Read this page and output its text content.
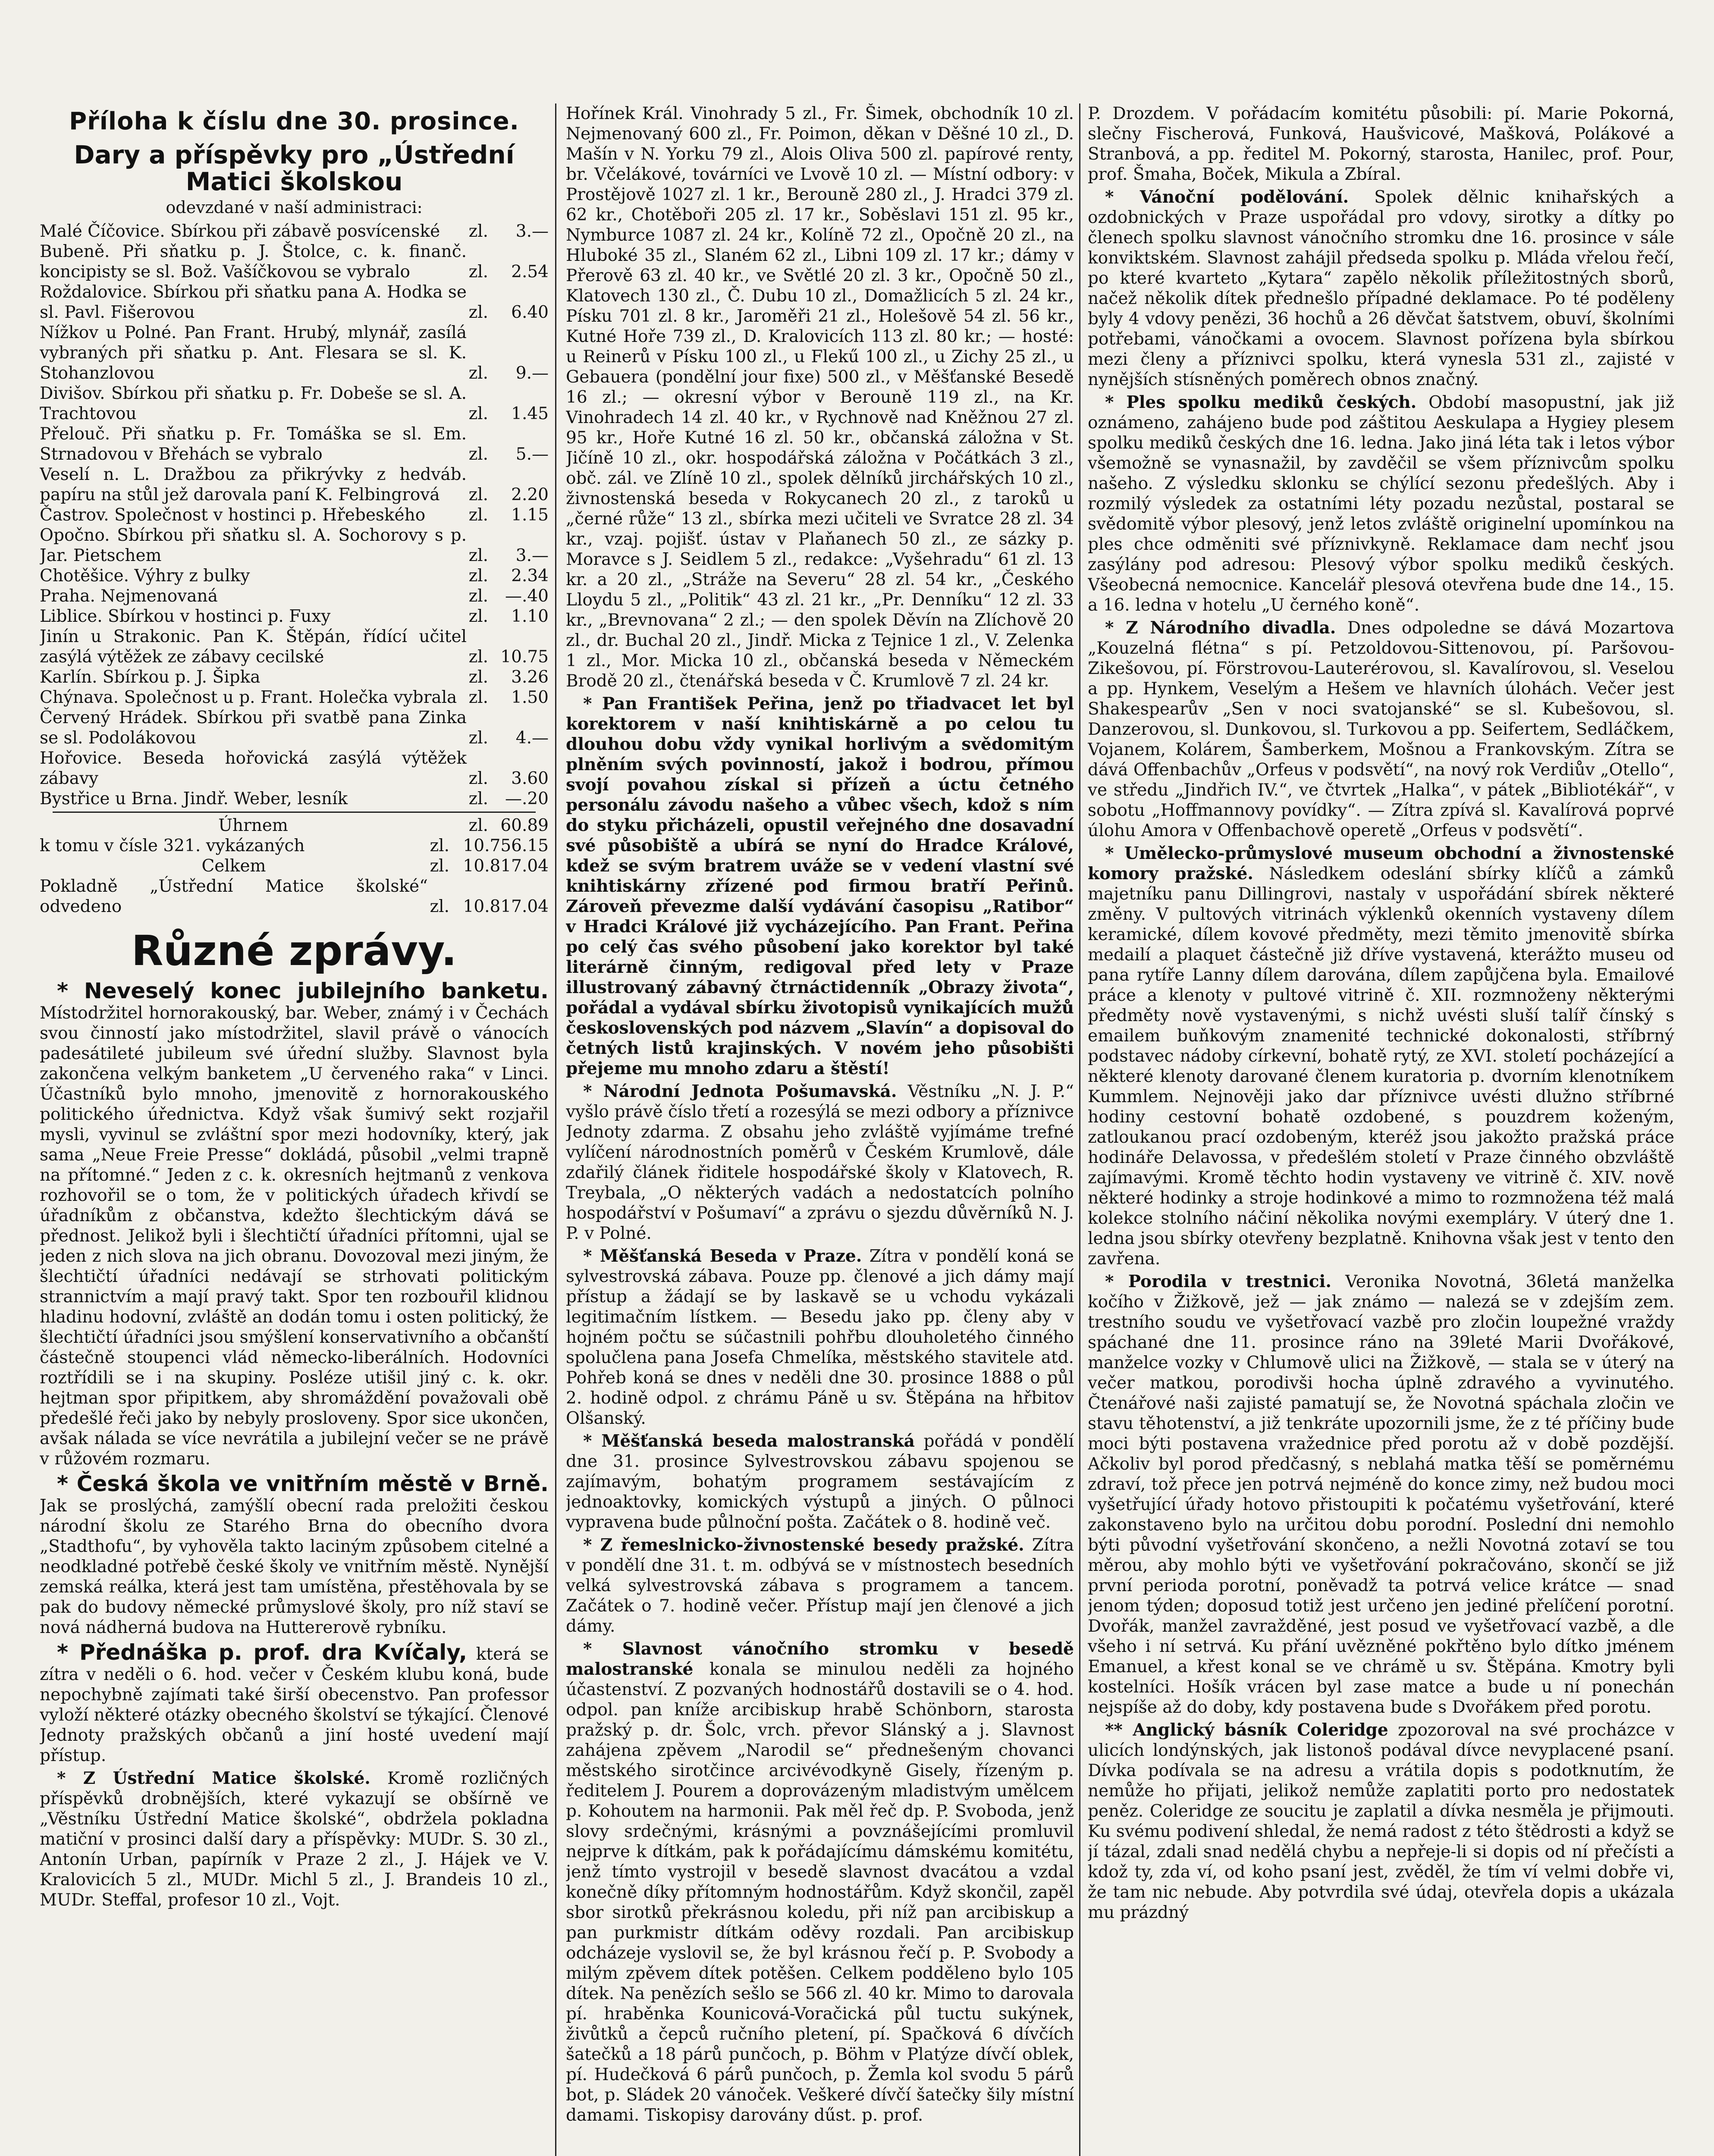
Příloha k číslu dne 30. prosince.
Dary a příspěvky pro „Ústřední Matici školskou
odevzdané v naší administraci:
Malé Číčovice. Sbírkou při zábavě posvícenské	zl.	3.—
Bubeně. Při sňatku p. J. Štolce, c. k. finanč. koncipisty se sl. Bož. Vašíčkovou se vybralo	zl.	2.54
Roždalovice. Sbírkou při sňatku pana A. Hodka se sl. Pavl. Fišerovou	zl.	6.40
Nížkov u Polné. Pan Frant. Hrubý, mlynář, zasílá vybraných při sňatku p. Ant. Flesara se sl. K. Stohanzlovou	zl.	9.—
Divišov. Sbírkou při sňatku p. Fr. Dobeše se sl. A. Trachtovou	zl.	1.45
Přelouč. Při sňatku p. Fr. Tomáška se sl. Em. Strnadovou v Břehách se vybralo	zl.	5.—
Veselí n. L. Dražbou za přikrývky z hedváb. papíru na stůl jež darovala paní K. Felbingrová	zl.	2.20
Častrov. Společnost v hostinci p. Hřebeského	zl.	1.15
Opočno. Sbírkou při sňatku sl. A. Sochorovy s p. Jar. Pietschem	zl.	3.—
Chotěšice. Výhry z bulky	zl.	2.34
Praha. Nejmenovaná	zl. —.40
Liblice. Sbírkou v hostinci p. Fuxy	zl.	1.10
Jinín u Strakonic. Pan K. Štěpán, řídící učitel zasýlá výtěžek ze zábavy cecilské	zl. 10.75
Karlín. Sbírkou p. J. Šipka	zl.	3.26
Chýnava. Společnost u p. Frant. Holečka vybrala zl.	1.50
Červený Hrádek. Sbírkou při svatbě pana Zinka se sl. Podolákovou	zl.	4.—
Hořovice. Beseda hořovická zasýlá výtěžek zábavy	zl.	3.60
Bystřice u Brna. Jindř. Weber, lesník	zl. —.20
Úhrnem	zl. 60.89
k tomu v čísle 321. vykázaných	zl. 10.756.15
Celkem	zl. 10.817.04
Pokladně „Ústřední Matice školské“ odvedeno	zl. 10.817.04
Různé zprávy.

* Neveselý konec jubilejního banketu. Místodržitel hornorakouský, bar. Weber, známý i v Čechách svou činností jako místodržitel, slavil právě o vánocích padesátileté jubileum své úřední služby. Slavnost byla zakončena velkým banketem „U červeného raka“ v Linci. Účastníků bylo mnoho, jmenovitě z hornorakouského politického úřednictva. Když však šumivý sekt rozjařil mysli, vyvinul se zvláštní spor mezi hodovníky, který, jak sama „Neue Freie Presse“ dokládá, působil „velmi trapně na přítomné.“ Jeden z c. k. okresních hejtmanů z venkova rozhovořil se o tom, že v politických úřadech křivdí se úřadníkům z občanstva, kdežto šlechtickým dává se přednost. Jelikož byli i šlechtičtí úřadníci přítomni, ujal se jeden z nich slova na jich obranu. Dovozoval mezi jiným, že šlechtičtí úřadníci nedávají se strhovati politickým strannictvím a mají pravý takt. Spor ten rozbouřil klidnou hladinu hodovní, zvláště an dodán tomu i osten politický, že šlechtičtí úřadníci jsou smýšlení konservativního a občanští částečně stoupenci vlád německo-liberálních. Hodovníci roztřídili se i na skupiny. Posléze utišil jiný c. k. okr. hejtman spor připitkem, aby shromáždění považovali obě předešlé řeči jako by nebyly prosloveny. Spor sice ukončen, avšak nálada se více nevrátila a jubilejní večer se ne právě v růžovém rozmaru.

* Česká škola ve vnitřním městě v Brně. Jak se proslýchá, zamýšlí obecní rada preložiti českou národní školu ze Starého Brna do obecního dvora „Stadthofu“, by vyhověla takto laciným způsobem citelné a neodkladné potřebě české školy ve vnitřním městě. Nynější zemská reálka, která jest tam umístěna, přestěhovala by se pak do budovy německé průmyslové školy, pro níž staví se nová nádherná budova na Huttererově rybníku.

* Přednáška p. prof. dra Kvíčaly, která se zítra v neděli o 6. hod. večer v Českém klubu koná, bude nepochybně zajímati také širší obecenstvo. Pan professor vyloží některé otázky obecného školství se týkající. Členové Jednoty pražských občanů a jiní hosté uvedení mají přístup.

* Z Ústřední Matice školské. Kromě rozličných příspěvků drobnějších, které vykazují se obšírně ve „Věstníku Ústřední Matice školské“, obdržela pokladna matiční v prosinci další dary a příspěvky: MUDr. S. 30 zl., Antonín Urban, papírník v Praze 2 zl., J. Hájek ve V. Kralovicích 5 zl., MUDr. Michl 5 zl., J. Brandeis 10 zl., MUDr. Steffal, profesor 10 zl., Vojt.

Hořínek Král. Vinohrady 5 zl., Fr. Šimek, obchodník 10 zl. Nejmenovaný 600 zl., Fr. Poimon, děkan v Děšné 10 zl., D. Mašín v N. Yorku 79 zl., Alois Oliva 500 zl. papírové renty, br. Včelákové, továrníci ve Lvově 10 zl. — Místní odbory: v Prostějově 1027 zl. 1 kr., Berouně 280 zl., J. Hradci 379 zl. 62 kr., Chotěboři 205 zl. 17 kr., Soběslavi 151 zl. 95 kr., Nymburce 1087 zl. 24 kr., Kolíně 72 zl., Opočně 20 zl., na Hluboké 35 zl., Slaném 62 zl., Libni 109 zl. 17 kr.; dámy v Přerově 63 zl. 40 kr., ve Světlé 20 zl. 3 kr., Opočně 50 zl., Klatovech 130 zl., Č. Dubu 10 zl., Domažlicích 5 zl. 24 kr., Písku 701 zl. 8 kr., Jaroměři 21 zl., Holešově 54 zl. 56 kr., Kutné Hoře 739 zl., D. Kralovicích 113 zl. 80 kr.; — hosté: u Reinerů v Písku 100 zl., u Flekű 100 zl., u Zichy 25 zl., u Gebauera (pondělní jour fixe) 500 zl., v Měšťanské Besedě 16 zl.; — okresní výbor v Berouně 119 zl., na Kr. Vinohradech 14 zl. 40 kr., v Rychnově nad Kněžnou 27 zl. 95 kr., Hoře Kutné 16 zl. 50 kr., občanská záložna v St. Jičíně 10 zl., okr. hospodářská záložna v Počátkách 3 zl., obč. zál. ve Zlíně 10 zl., spolek dělníků jirchářských 10 zl., živnostenská beseda v Rokycanech 20 zl., z taroků u „černé růže“ 13 zl., sbírka mezi učiteli ve Svratce 28 zl. 34 kr., vzaj. pojišť. ústav v Plaňanech 50 zl., ze sázky p. Moravce s J. Seidlem 5 zl., redakce: „Vyšehradu“ 61 zl. 13 kr. a 20 zl., „Stráže na Severu“ 28 zl. 54 kr., „Českého Lloydu 5 zl., „Politik“ 43 zl. 21 kr., „Pr. Denníku“ 12 zl. 33 kr., „Brevnovana“ 2 zl.; — den spolek Děvín na Zlíchově 20 zl., dr. Buchal 20 zl., Jindř. Micka z Tejnice 1 zl., V. Zelenka 1 zl., Mor. Micka 10 zl., občanská beseda v Německém Brodě 20 zl., čtenářská beseda v Č. Krumlově 7 zl. 24 kr.

* Pan František Peřina, jenž po třiadvacet let byl korektorem v naší knihtiskárně a po celou tu dlouhou dobu vždy vynikal horlivým a svědomitým plněním svých povinností, jakož i bodrou, přímou svojí povahou získal si přízeň a úctu četného personálu závodu našeho a vůbec všech, kdož s ním do styku přicházeli, opustil veřejného dne dosavadní své působiště a ubírá se nyní do Hradce Králové, kdež se svým bratrem uváže se v vedení vlastní své knihtiskárny zřízené pod firmou bratří Peřinů. Zároveň převezme další vydávání časopisu „Ratibor“ v Hradci Králové již vycházejícího. Pan Frant. Peřina po celý čas svého působení jako korektor byl také literárně činným, redigoval před lety v Praze illustrovaný zábavný čtrnáctidenník „Obrazy života“, pořádal a vydával sbírku životopisů vynikajících mužů československých pod názvem „Slavín“ a dopisoval do četných listů krajinských. V novém jeho působišti přejeme mu mnoho zdaru a štěstí!

* Národní Jednota Pošumavská. Věstníku „N. J. P.“ vyšlo právě číslo třetí a rozesýlá se mezi odbory a příznivce Jednoty zdarma. Z obsahu jeho zvláště vyjímáme trefné vylíčení národnostních poměrů v Českém Krumlově, dále zdařilý článek řiditele hospodářské školy v Klatovech, R. Treybala, „O některých vadách a nedostatcích polního hospodářství v Pošumaví“ a zprávu o sjezdu důvěrníků N. J. P. v Polné.

* Měšťanská Beseda v Praze. Zítra v pondělí koná se sylvestrovská zábava. Pouze pp. členové a jich dámy mají přístup a žádají se by laskavě se u vchodu vykázali legitimačním lístkem. — Besedu jako pp. členy aby v hojném počtu se súčastnili pohřbu dlouholetého činného spolučlena pana Josefa Chmelíka, městského stavitele atd. Pohřeb koná se dnes v neděli dne 30. prosince 1888 o půl 2. hodině odpol. z chrámu Páně u sv. Štěpána na hřbitov Olšanský.

* Měšťanská beseda malostranská pořádá v pondělí dne 31. prosince Sylvestrovskou zábavu spojenou se zajímavým, bohatým programem sestávajícím z jednoaktovky, komických výstupů a jiných. O půlnoci vypravena bude půlnoční pošta. Začátek o 8. hodině več.

* Z řemeslnicko-živnostenské besedy pražské. Zítra v pondělí dne 31. t. m. odbývá se v místnostech besedních velká sylvestrovská zábava s programem a tancem. Začátek o 7. hodině večer. Přístup mají jen členové a jich dámy.

* Slavnost vánočního stromku v besedě malostranské konala se minulou neděli za hojného účastenství. Z pozvaných hodnostářů dostavili se o 4. hod. odpol. pan kníže arcibiskup hrabě Schönborn, starosta pražský p. dr. Šolc, vrch. převor Slánský a j. Slavnost zahájena zpěvem „Narodil se“ přednešeným chovanci městského sirotčince arcivévodkyně Gisely, řízeným p. ředitelem J. Pourem a doprovázeným mladistvým umělcem p. Kohoutem na harmonii. Pak měl řeč dp. P. Svoboda, jenž slovy srdečnými, krásnými a povznášejícími promluvil nejprve k dítkám, pak k pořádajícímu dámskému komitétu, jenž tímto vystrojil v besedě slavnost dvacátou a vzdal konečně díky přítomným hodnostářům. Když skončil, zapěl sbor sirotků překrásnou koledu, při níž pan arcibiskup a pan purkmistr dítkám oděvy rozdali. Pan arcibiskup odcházeje vyslovil se, že byl krásnou řečí p. P. Svobody a milým zpěvem dítek potěšen. Celkem podděleno bylo 105 dítek. Na penězích sešlo se 566 zl. 40 kr. Mimo to darovala pí. hraběnka Kounicová-Voračická půl tuctu sukýnek, živůtků a čepců ručního pletení, pí. Spačková 6 dívčích šatečků a 18 párů punčoch, p. Böhm v Platýze dívčí oblek, pí. Hudečková 6 párů punčoch, p. Žemla kol svodu 5 párů bot, p. Sládek 20 vánoček. Veškeré dívčí šatečky šily místní damami. Tiskopisy darovány dűst. p. prof.

P. Drozdem. V pořádacím komitétu působili: pí. Marie Pokorná, slečny Fischerová, Funková, Haušvicové, Mašková, Polákové a Stranbová, a pp. ředitel M. Pokorný, starosta, Hanilec, prof. Pour, prof. Šmaha, Boček, Mikula a Zbíral.

* Vánoční podělování. Spolek dělnic knihařských a ozdobnických v Praze uspořádal pro vdovy, sirotky a dítky po členech spolku slavnost vánočního stromku dne 16. prosince v sále konviktském. Slavnost zahájil předseda spolku p. Mláda vřelou řečí, po které kvarteto „Kytara“ zapělo několik příležitostných sborů, načež několik dítek přednešlo případné deklamace. Po té poděleny byly 4 vdovy penězi, 36 hochů a 26 děvčat šatstvem, obuví, školními potřebami, vánočkami a ovocem. Slavnost pořízena byla sbírkou mezi členy a příznivci spolku, která vynesla 531 zl., zajisté v nynějších stísněných poměrech obnos značný.

* Ples spolku mediků českých. Období masopustní, jak již oznámeno, zahájeno bude pod záštitou Aeskulapa a Hygiey plesem spolku mediků českých dne 16. ledna. Jako jiná léta tak i letos výbor všemožně se vynasnažil, by zavděčil se všem příznivcům spolku našeho. Z výsledku sklonku se chýlící sezonu předešlých. Aby i rozmilý výsledek za ostatními léty pozadu nezůstal, postaral se svědomitě výbor plesový, jenž letos zvláště originelní upomínkou na ples chce odměniti své příznivkyně. Reklamace dam nechť jsou zasýlány pod adresou: Plesový výbor spolku mediků českých. Všeobecná nemocnice. Kancelář plesová otevřena bude dne 14., 15. a 16. ledna v hotelu „U černého koně“.

* Z Národního divadla. Dnes odpoledne se dává Mozartova „Kouzelná flétna“ s pí. Petzoldovou-Sittenovou, pí. Paršovou-Zikešovou, pí. Förstrovou-Lauterérovou, sl. Kavalírovou, sl. Veselou a pp. Hynkem, Veselým a Hešem ve hlavních úlohách. Večer jest Shakespearův „Sen v noci svatojanské“ se sl. Kubešovou, sl. Danzerovou, sl. Dunkovou, sl. Turkovou a pp. Seifertem, Sedláčkem, Vojanem, Kolárem, Šamberkem, Mošnou a Frankovským. Zítra se dává Offenbachův „Orfeus v podsvětí“, na nový rok Verdiův „Otello“, ve středu „Jindřich IV.“, ve čtvrtek „Halka“, v pátek „Bibliotékář“, v sobotu „Hoffmannovy povídky“. — Zítra zpívá sl. Kavalírová poprvé úlohu Amora v Offenbachově operetě „Orfeus v podsvětí“.

* Umělecko-průmyslové museum obchodní a živnostenské komory pražské. Následkem odeslání sbírky klíčů a zámků majetníku panu Dillingrovi, nastaly v uspořádání sbírek některé změny. V pultových vitrinách výklenků okenních vystaveny dílem keramické, dílem kovové předměty, mezi těmito jmenovitě sbírka medailí a plaquet částečně již dříve vystavená, kterážto museu od pana rytíře Lanny dílem darována, dílem zapůjčena byla. Emailové práce a klenoty v pultové vitrině č. XII. rozmnoženy některými předměty nově vystavenými, s nichž uvésti sluší talíř čínský s emailem buňkovým znamenité technické dokonalosti, stříbrný podstavec nádoby církevní, bohatě rytý, ze XVI. století pocházející a některé klenoty darované členem kuratoria p. dvorním klenotníkem Kummlem. Nejnověji jako dar příznivce uvésti dlužno stříbrné hodiny cestovní bohatě ozdobené, s pouzdrem koženým, zatloukanou prací ozdobeným, kteréž jsou jakožto pražská práce hodináře Delavossa, v předešlém století v Praze činného obzvláště zajímavými. Kromě těchto hodin vystaveny ve vitrině č. XIV. nově některé hodinky a stroje hodinkové a mimo to rozmnožena též malá kolekce stolního náčiní několika novými exempláry. V úterý dne 1. ledna jsou sbírky otevřeny bezplatně. Knihovna však jest v tento den zavřena.

* Porodila v trestnici. Veronika Novotná, 36letá manželka kočího v Žižkově, jež — jak známo — nalezá se v zdejším zem. trestního soudu ve vyšetřovací vazbě pro zločin loupežné vraždy spáchané dne 11. prosince ráno na 39leté Marii Dvořákové, manželce vozky v Chlumově ulici na Žižkově, — stala se v úterý na večer matkou, porodivši hocha úplně zdravého a vyvinutého. Čtenářové naši zajisté pamatují se, že Novotná spáchala zločin ve stavu těhotenství, a již tenkráte upozornili jsme, že z té příčiny bude moci býti postavena vražednice před porotu až v době pozdější. Ačkoliv byl porod předčasný, s neblahá matka těší se poměrnému zdraví, tož přece jen potrvá nejméně do konce zimy, než budou moci vyšetřující úřady hotovo přistoupiti k počatému vyšetřování, které zakonstaveno bylo na určitou dobu porodní. Poslední dni nemohlo býti původní vyšetřování skončeno, a nežli Novotná zotaví se tou měrou, aby mohlo býti ve vyšetřování pokračováno, skončí se již první perioda porotní, poněvadž ta potrvá velice krátce — snad jenom týden; doposud totiž jest určeno jen jediné přelíčení porotní. Dvořák, manžel zavražděné, jest posud ve vyšetřovací vazbě, a dle všeho i ní setrvá. Ku přání uvězněné pokřtěno bylo dítko jménem Emanuel, a křest konal se ve chrámě u sv. Štěpána. Kmotry byli kostelníci. Hošík vrácen byl zase matce a bude u ní ponechán nejspíše až do doby, kdy postavena bude s Dvořákem před porotu.

** Anglický básník Coleridge zpozoroval na své procházce v ulicích londýnských, jak listonoš podával dívce nevyplacené psaní. Dívka podívala se na adresu a vrátila dopis s podotknutím, že nemůže ho přijati, jelikož nemůže zaplatiti porto pro nedostatek peněz. Coleridge ze soucitu je zaplatil a dívka nesměla je přijmouti. Ku svému podivení shledal, že nemá radost z této štědrosti a když se jí tázal, zdali snad nedělá chybu a nepřeje-li si dopis od ní přečísti a kdož ty, zda ví, od koho psaní jest, zvěděl, že tím ví velmi dobře vi, že tam nic nebude. Aby potvrdila své údaj, otevřela dopis a ukázala mu prázdný
